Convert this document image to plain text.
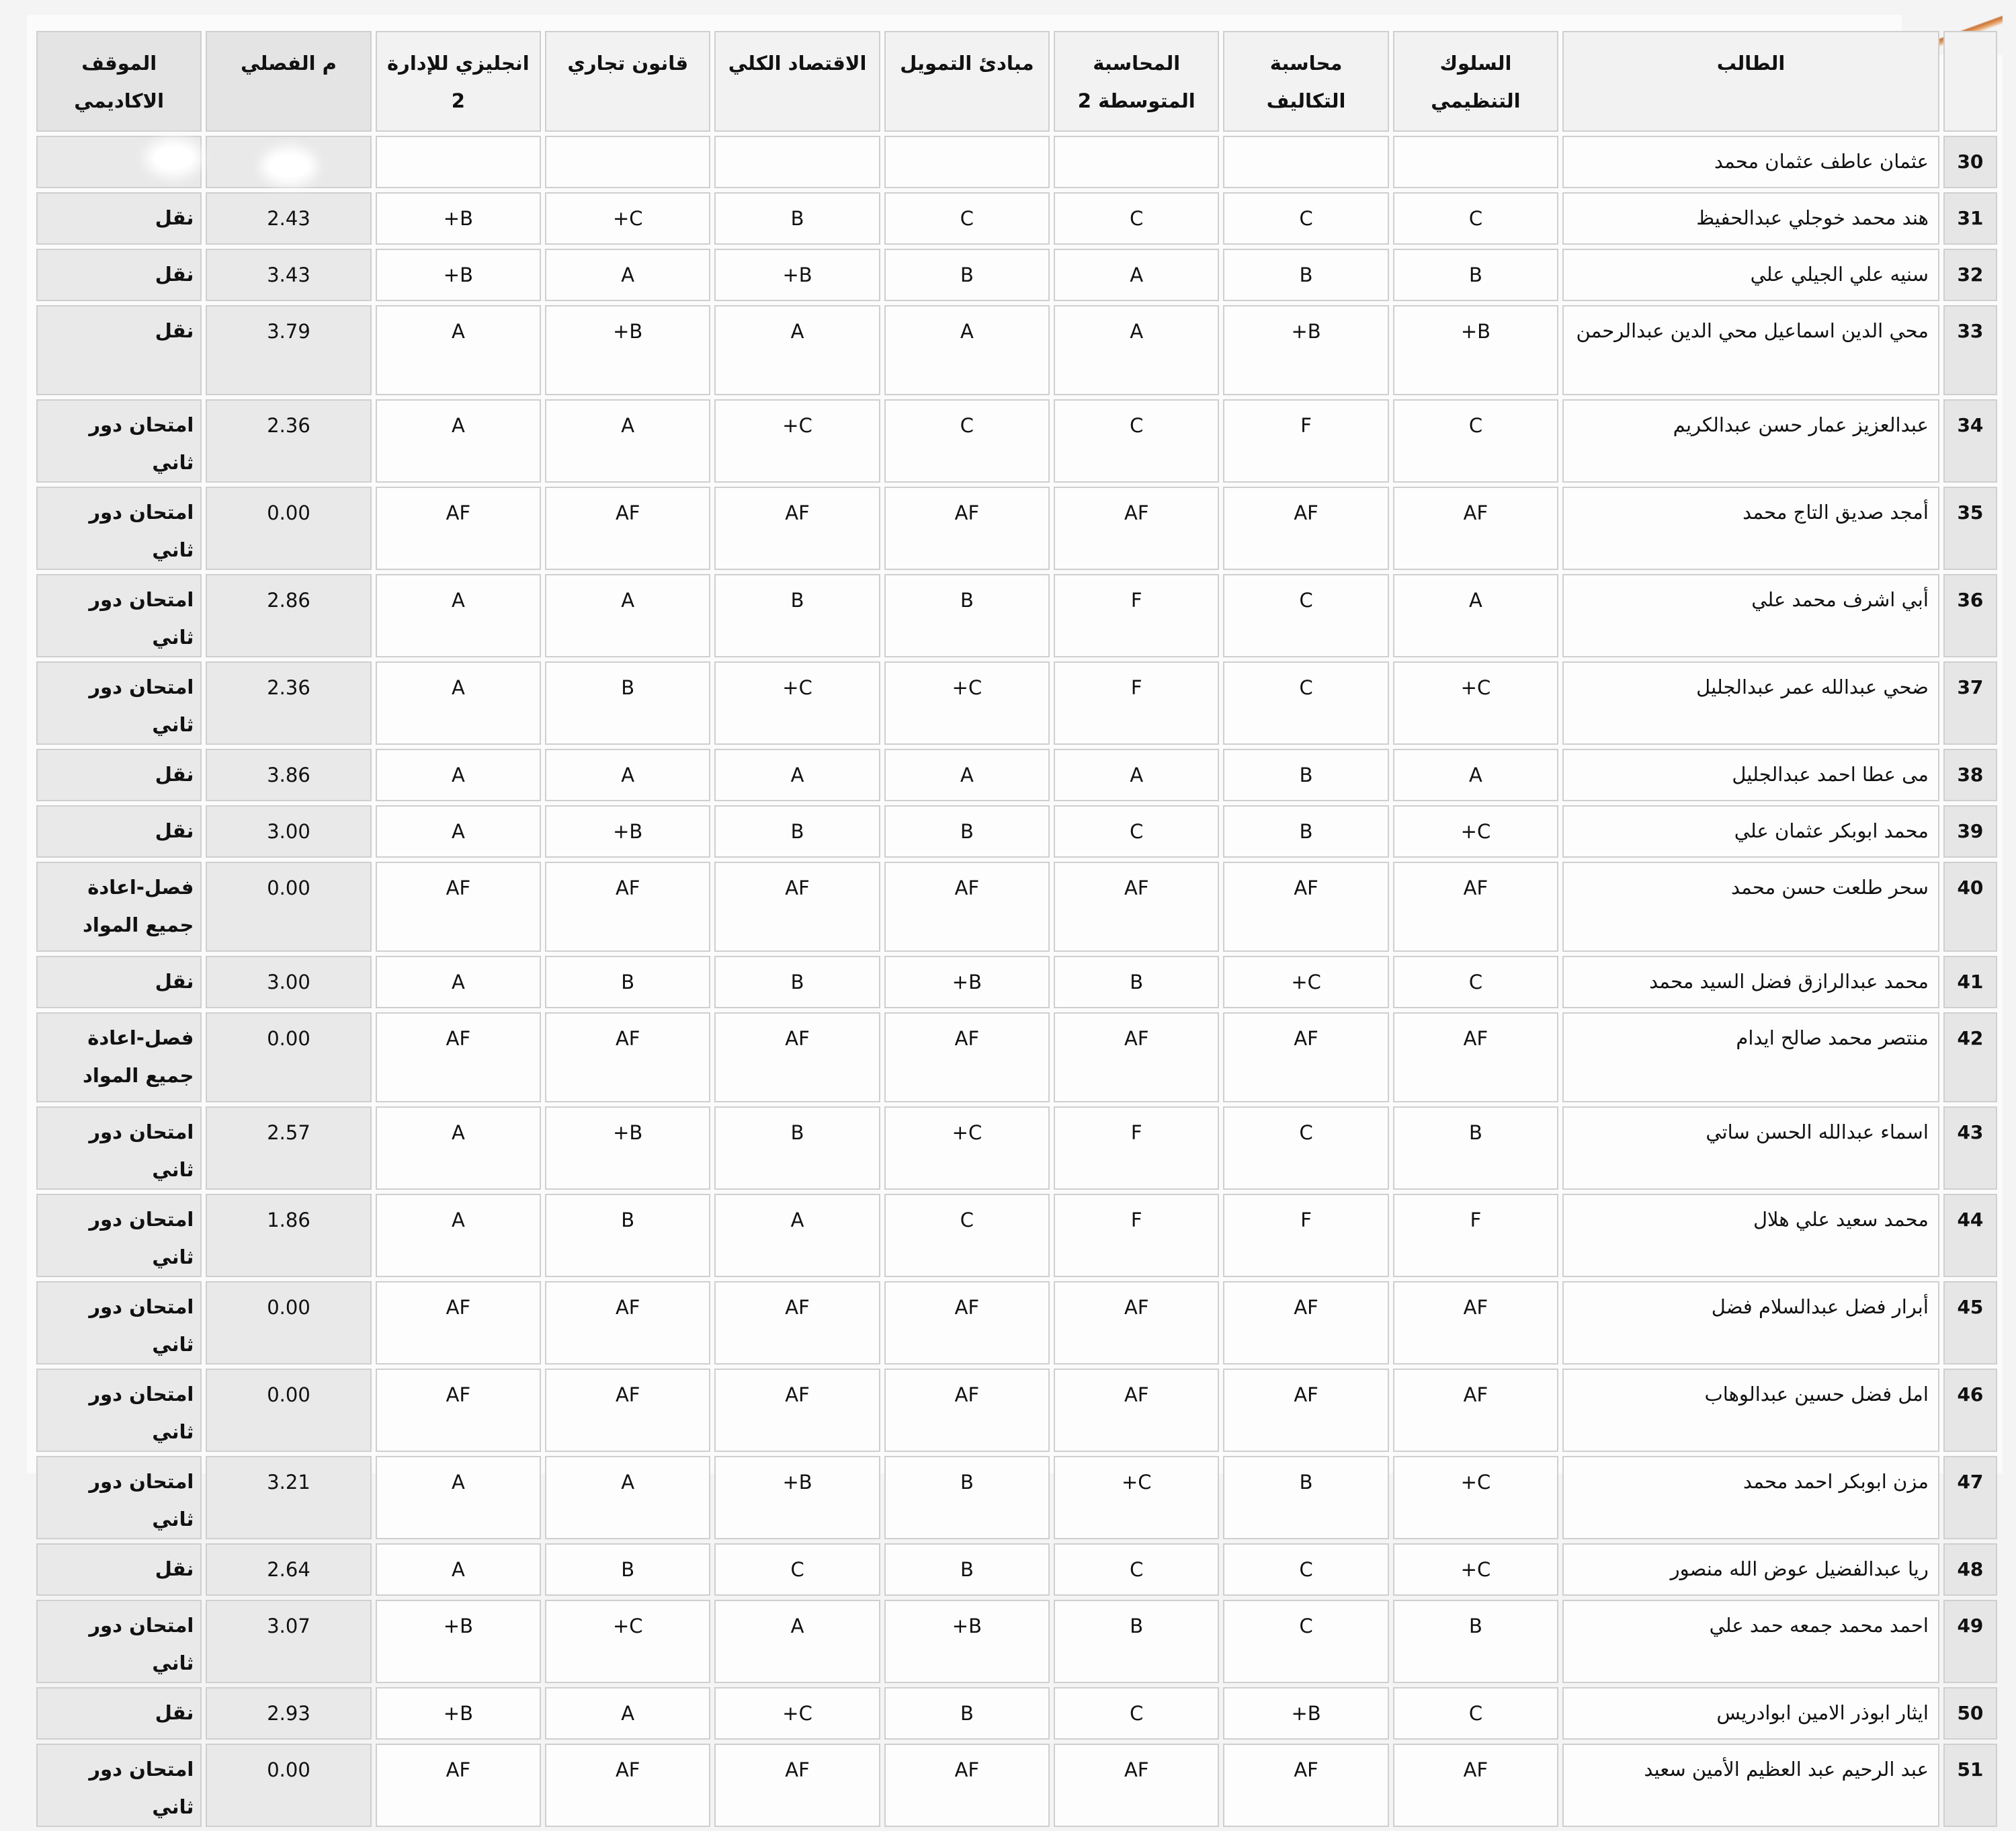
	الطالب	السلوك التنظيمي	محاسبة التكاليف	المحاسبة المتوسطة 2	مبادئ التمويل	الاقتصاد الكلي	قانون تجاري	انجليزي للإدارة 2	م الفصلي	الموقف الاكاديمي
30	عثمان عاطف عثمان محمد									
31	هند محمد خوجلي عبدالحفيظ	C	C	C	C	B	C+	B+	2.43	نقل
32	سنيه علي الجيلي علي	B	B	A	B	B+	A	B+	3.43	نقل
33	محي الدين اسماعيل محي الدين عبدالرحمن	B+	B+	A	A	A	B+	A	3.79	نقل
34	عبدالعزيز عمار حسن عبدالكريم	C	F	C	C	C+	A	A	2.36	امتحان دور ثاني
35	أمجد صديق التاج محمد	AF	AF	AF	AF	AF	AF	AF	0.00	امتحان دور ثاني
36	أبي اشرف محمد علي	A	C	F	B	B	A	A	2.86	امتحان دور ثاني
37	ضحي عبدالله عمر عبدالجليل	C+	C	F	C+	C+	B	A	2.36	امتحان دور ثاني
38	مى عطا احمد عبدالجليل	A	B	A	A	A	A	A	3.86	نقل
39	محمد ابوبكر عثمان علي	C+	B	C	B	B	B+	A	3.00	نقل
40	سحر طلعت حسن محمد	AF	AF	AF	AF	AF	AF	AF	0.00	فصل-اعادة جميع المواد
41	محمد عبدالرازق فضل السيد محمد	C	C+	B	B+	B	B	A	3.00	نقل
42	منتصر محمد صالح ايدام	AF	AF	AF	AF	AF	AF	AF	0.00	فصل-اعادة جميع المواد
43	اسماء عبدالله الحسن ساتي	B	C	F	C+	B	B+	A	2.57	امتحان دور ثاني
44	محمد سعيد علي هلال	F	F	F	C	A	B	A	1.86	امتحان دور ثاني
45	أبرار فضل عبدالسلام فضل	AF	AF	AF	AF	AF	AF	AF	0.00	امتحان دور ثاني
46	امل فضل حسين عبدالوهاب	AF	AF	AF	AF	AF	AF	AF	0.00	امتحان دور ثاني
47	مزن ابوبكر احمد محمد	C+	B	C+	B	B+	A	A	3.21	امتحان دور ثاني
48	ريا عبدالفضيل عوض الله منصور	C+	C	C	B	C	B	A	2.64	نقل
49	احمد محمد جمعه حمد علي	B	C	B	B+	A	C+	B+	3.07	امتحان دور ثاني
50	ايثار ابوذر الامين ابوادريس	C	B+	C	B	C+	A	B+	2.93	نقل
51	عبد الرحيم عبد العظيم الأمين سعيد	AF	AF	AF	AF	AF	AF	AF	0.00	امتحان دور ثاني
